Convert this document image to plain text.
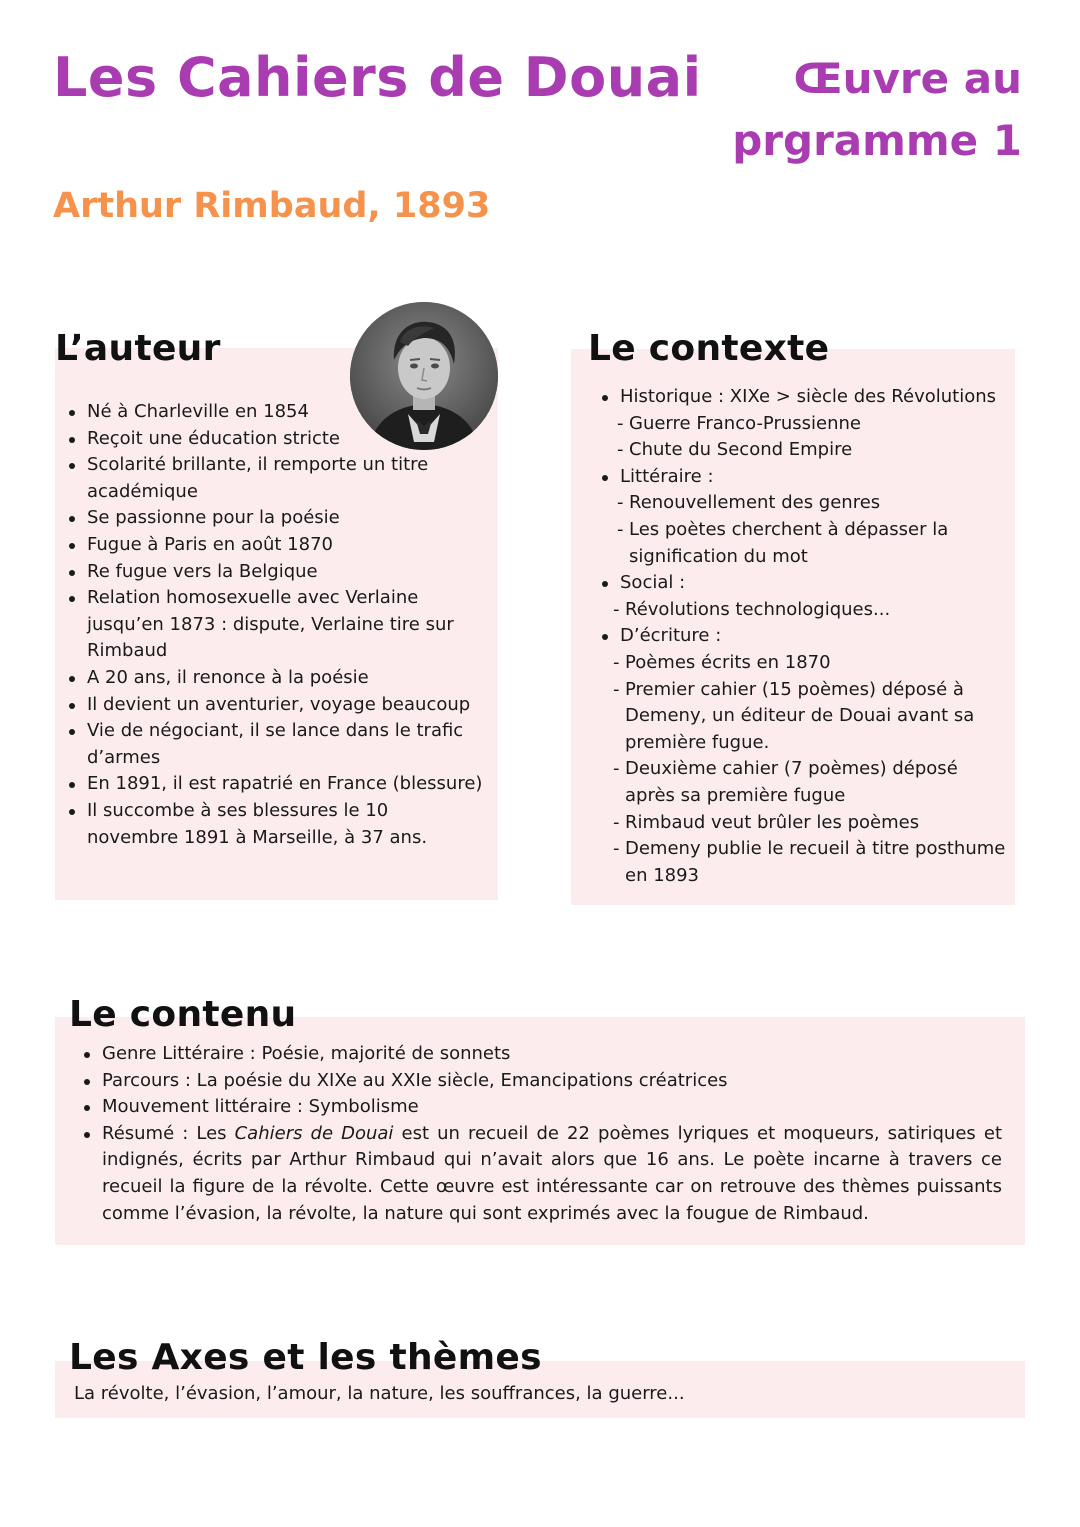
Les Cahiers de Douai	Œuvre au prgramme 1
Arthur Rimbaud, 1893
L’auteur
Né à Charleville en 1854
Reçoit une éducation stricte
Scolarité brillante, il remporte un titre académique
Se passionne pour la poésie
Fugue à Paris en août 1870
Re fugue vers la Belgique
Relation homosexuelle avec Verlaine jusqu’en 1873 : dispute, Verlaine tire sur Rimbaud
A 20 ans, il renonce à la poésie
Il devient un aventurier, voyage beaucoup
Vie de négociant, il se lance dans le trafic d’armes
En 1891, il est rapatrié en France (blessure)
Il succombe à ses blessures le 10 novembre 1891 à Marseille, à 37 ans.
Le contexte
Historique : XIXe > siècle des Révolutions
- Guerre Franco-Prussienne
- Chute du Second Empire
Littéraire :
- Renouvellement des genres
- Les poètes cherchent à dépasser la signification du mot
Social :
- Révolutions technologiques...
D’écriture :
- Poèmes écrits en 1870
- Premier cahier (15 poèmes) déposé à Demeny, un éditeur de Douai avant sa première fugue.
- Deuxième cahier (7 poèmes) déposé après sa première fugue
- Rimbaud veut brûler les poèmes
- Demeny publie le recueil à titre posthume en 1893
Le contenu
Genre Littéraire : Poésie, majorité de sonnets
Parcours : La poésie du XIXe au XXIe siècle, Emancipations créatrices
Mouvement littéraire : Symbolisme
Résumé : Les Cahiers de Douai est un recueil de 22 poèmes lyriques et moqueurs, satiriques et indignés, écrits par Arthur Rimbaud qui n’avait alors que 16 ans. Le poète incarne à travers ce recueil la figure de la révolte. Cette œuvre est intéressante car on retrouve des thèmes puissants comme l’évasion, la révolte, la nature qui sont exprimés avec la fougue de Rimbaud.
Les Axes et les thèmes
La révolte, l’évasion, l’amour, la nature, les souffrances, la guerre...
